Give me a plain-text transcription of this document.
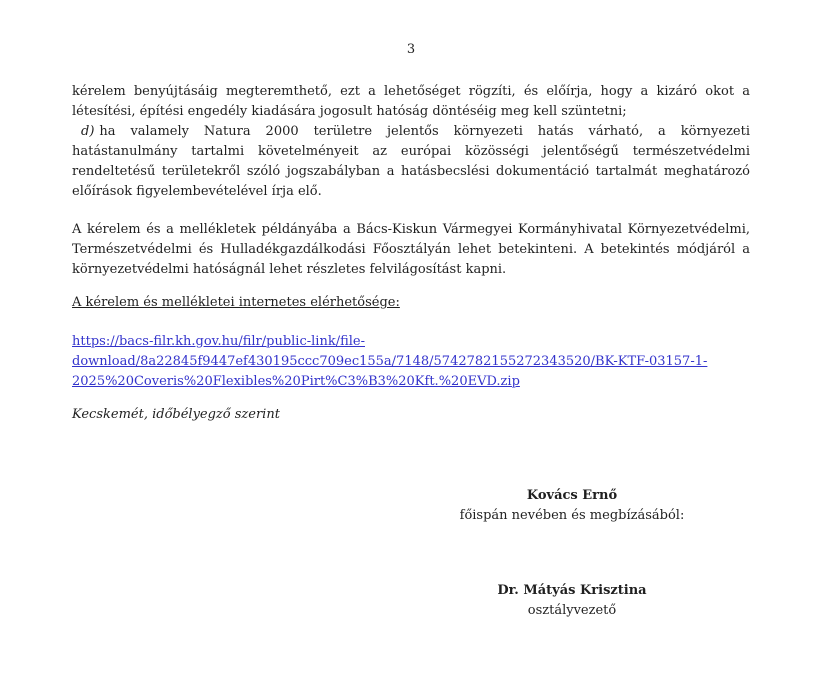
3

kérelem benyújtásáig megteremthető, ezt a lehetőséget rögzíti, és előírja, hogy a kizáró okot a létesítési, építési engedély kiadására jogosult hatóság döntéséig meg kell szüntetni;

d) ha valamely Natura 2000 területre jelentős környezeti hatás várható, a környezeti hatástanulmány tartalmi követelményeit az európai közösségi jelentőségű természetvédelmi rendeltetésű területekről szóló jogszabályban a hatásbecslési dokumentáció tartalmát meghatározó előírások figyelembevételével írja elő.

A kérelem és a mellékletek példányába a Bács-Kiskun Vármegyei Kormányhivatal Környezetvédelmi, Természetvédelmi és Hulladékgazdálkodási Főosztályán lehet betekinteni. A betekintés módjáról a környezetvédelmi hatóságnál lehet részletes felvilágosítást kapni.

A kérelem és mellékletei internetes elérhetősége:

https://bacs-filr.kh.gov.hu/filr/public-link/file-
download/8a22845f9447ef430195ccc709ec155a/7148/5742782155272343520/BK-KTF-03157-1-
2025%20Coveris%20Flexibles%20Pirt%C3%B3%20Kft.%20EVD.zip

Kecskemét, időbélyegző szerint

Kovács Ernő
főispán nevében és megbízásából:
Dr. Mátyás Krisztina
osztályvezető
